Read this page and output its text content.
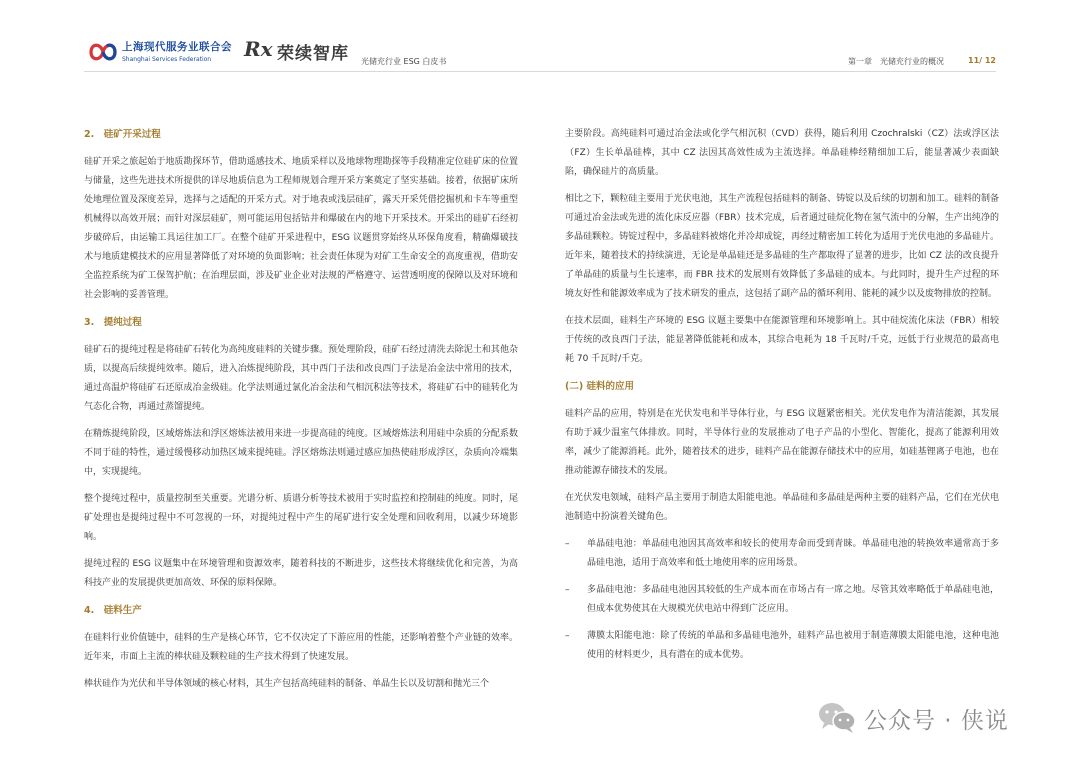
上海现代服务业联合会
Shanghai Services Federation	Rx 荣续智库 光储充行业 ESG 白皮书	第一章　光储充行业的概况	11/ 12
2.　硅矿开采过程

硅矿开采之旅起始于地质勘探环节，借助遥感技术、地质采样以及地球物理勘探等手段精准定位硅矿床的位置与储量，这些先进技术所提供的详尽地质信息为工程师规划合理开采方案奠定了坚实基础。接着，依据矿床所处地理位置及深度差异，选择与之适配的开采方式。对于地表或浅层硅矿，露天开采凭借挖掘机和卡车等重型机械得以高效开展；而针对深层硅矿，则可能运用包括钻井和爆破在内的地下开采技术。开采出的硅矿石经初步破碎后，由运输工具运往加工厂。在整个硅矿开采进程中，ESG 议题贯穿始终从环保角度看，精确爆破技术与地质建模技术的应用显著降低了对环境的负面影响；社会责任体现为对矿工生命安全的高度重视，借助安全监控系统为矿工保驾护航；在治理层面，涉及矿业企业对法规的严格遵守、运营透明度的保障以及对环境和社会影响的妥善管理。

3.　提纯过程

硅矿石的提纯过程是将硅矿石转化为高纯度硅料的关键步骤。预处理阶段，硅矿石经过清洗去除泥土和其他杂质，以提高后续提纯效率。随后，进入冶炼提纯阶段，其中西门子法和改良西门子法是冶金法中常用的技术，通过高温炉将硅矿石还原成冶金级硅。化学法则通过氯化冶金法和气相沉积法等技术，将硅矿石中的硅转化为气态化合物，再通过蒸馏提纯。

在精炼提纯阶段，区域熔炼法和浮区熔炼法被用来进一步提高硅的纯度。区域熔炼法利用硅中杂质的分配系数不同于硅的特性，通过缓慢移动加热区域来提纯硅。浮区熔炼法则通过感应加热使硅形成浮区，杂质向冷端集中，实现提纯。

整个提纯过程中，质量控制至关重要。光谱分析、质谱分析等技术被用于实时监控和控制硅的纯度。同时，尾矿处理也是提纯过程中不可忽视的一环，对提纯过程中产生的尾矿进行安全处理和回收利用，以减少环境影响。

提纯过程的 ESG 议题集中在环境管理和资源效率，随着科技的不断进步，这些技术将继续优化和完善，为高科技产业的发展提供更加高效、环保的原料保障。

4.　硅料生产

在硅料行业价值链中，硅料的生产是核心环节，它不仅决定了下游应用的性能，还影响着整个产业链的效率。近年来，市面上主流的棒状硅及颗粒硅的生产技术得到了快速发展。

棒状硅作为光伏和半导体领域的核心材料，其生产包括高纯硅料的制备、单晶生长以及切割和抛光三个

主要阶段。高纯硅料可通过冶金法或化学气相沉积（CVD）获得，随后利用 Czochralski（CZ）法或浮区法（FZ）生长单晶硅棒，其中 CZ 法因其高效性成为主流选择。单晶硅棒经精细加工后，能显著减少表面缺陷，确保硅片的高质量。

相比之下，颗粒硅主要用于光伏电池，其生产流程包括硅料的制备、铸锭以及后续的切割和加工。硅料的制备可通过冶金法或先进的流化床反应器（FBR）技术完成，后者通过硅烷化物在氢气流中的分解，生产出纯净的多晶硅颗粒。铸锭过程中，多晶硅料被熔化并冷却成锭，再经过精密加工转化为适用于光伏电池的多晶硅片。近年来，随着技术的持续演进，无论是单晶硅还是多晶硅的生产都取得了显著的进步，比如 CZ 法的改良提升了单晶硅的质量与生长速率，而 FBR 技术的发展则有效降低了多晶硅的成本。与此同时，提升生产过程的环境友好性和能源效率成为了技术研发的重点，这包括了副产品的循环利用、能耗的减少以及废物排放的控制。

在技术层面，硅料生产环境的 ESG 议题主要集中在能源管理和环境影响上。其中硅烷流化床法（FBR）相较于传统的改良西门子法，能显著降低能耗和成本，其综合电耗为 18 千瓦时/千克，远低于行业规范的最高电耗 70 千瓦时/千克。

(二) 硅料的应用

硅料产品的应用，特别是在光伏发电和半导体行业，与 ESG 议题紧密相关。光伏发电作为清洁能源，其发展有助于减少温室气体排放。同时，半导体行业的发展推动了电子产品的小型化、智能化，提高了能源利用效率，减少了能源消耗。此外，随着技术的进步，硅料产品在能源存储技术中的应用，如硅基锂离子电池，也在推动能源存储技术的发展。

在光伏发电领域，硅料产品主要用于制造太阳能电池。单晶硅和多晶硅是两种主要的硅料产品，它们在光伏电池制造中扮演着关键角色。

–	单晶硅电池：单晶硅电池因其高效率和较长的使用寿命而受到青睐。单晶硅电池的转换效率通常高于多晶硅电池，适用于高效率和低土地使用率的应用场景。
–	多晶硅电池：多晶硅电池因其较低的生产成本而在市场占有一席之地。尽管其效率略低于单晶硅电池，但成本优势使其在大规模光伏电站中得到广泛应用。
–	薄膜太阳能电池：除了传统的单晶和多晶硅电池外，硅料产品也被用于制造薄膜太阳能电池，这种电池使用的材料更少，具有潜在的成本优势。
公众号 · 侠说
